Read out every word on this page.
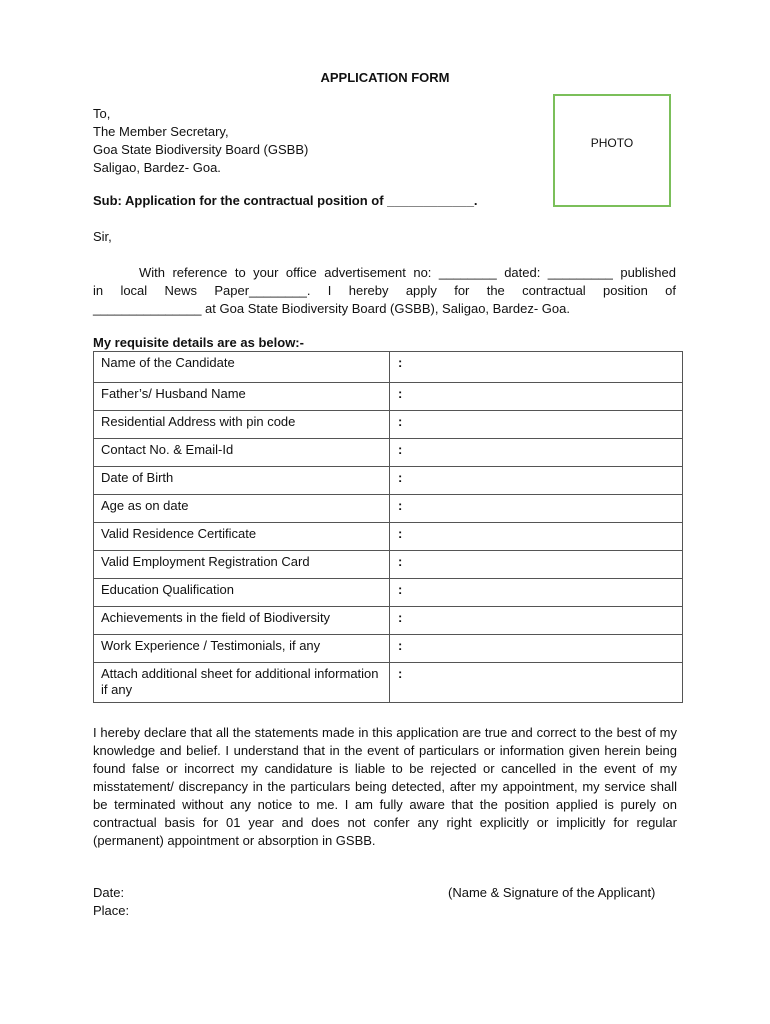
APPLICATION FORM
To,
The Member Secretary,
Goa State Biodiversity Board (GSBB)
Saligao, Bardez- Goa.
PHOTO
Sub: Application for the contractual position of ____________.
Sir,
With reference to your office advertisement no: ________ dated: _________ published
in local News Paper________. I hereby apply for the contractual position of
_______________ at Goa State Biodiversity Board (GSBB), Saligao, Bardez- Goa.
My requisite details are as below:-
Name of the Candidate	:
Father’s/ Husband Name	:
Residential Address with pin code	:
Contact No. & Email-Id	:
Date of Birth	:
Age as on date	:
Valid Residence Certificate	:
Valid Employment Registration Card	:
Education Qualification	:
Achievements in the field of Biodiversity	:
Work Experience / Testimonials, if any	:
Attach additional sheet for additional information if any	:
I hereby declare that all the statements made in this application are true and correct to the best of my knowledge and belief. I understand that in the event of particulars or information given herein being found false or incorrect my candidature is liable to be rejected or cancelled in the event of my misstatement/ discrepancy in the particulars being detected, after my appointment, my service shall be terminated without any notice to me. I am fully aware that the position applied is purely on contractual basis for 01 year and does not confer any right explicitly or implicitly for regular (permanent) appointment or absorption in GSBB.
Date:
Place:
(Name & Signature of the Applicant)
